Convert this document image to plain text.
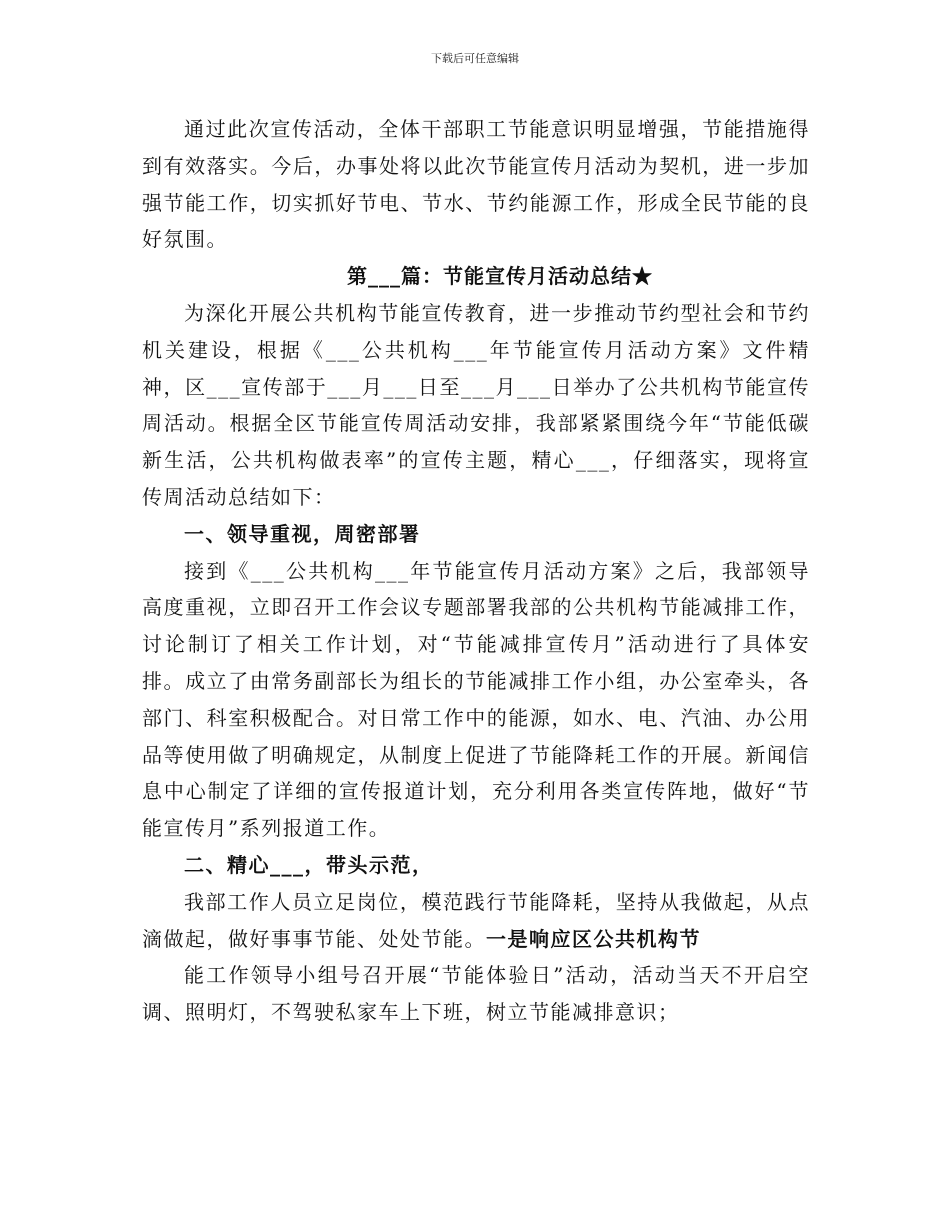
下载后可任意编辑

通过此次宣传活动，全体干部职工节能意识明显增强，节能措施得到有效落实。今后，办事处将以此次节能宣传月活动为契机，进一步加强节能工作，切实抓好节电、节水、节约能源工作，形成全民节能的良好氛围。

第___篇：节能宣传月活动总结★

为深化开展公共机构节能宣传教育，进一步推动节约型社会和节约机关建设，根据《___公共机构___年节能宣传月活动方案》文件精神，区___宣传部于___月___日至___月___日举办了公共机构节能宣传周活动。根据全区节能宣传周活动安排，我部紧紧围绕今年“节能低碳新生活，公共机构做表率”的宣传主题，精心___，仔细落实，现将宣传周活动总结如下：

一、领导重视，周密部署

接到《___公共机构___年节能宣传月活动方案》之后，我部领导高度重视，立即召开工作会议专题部署我部的公共机构节能减排工作，讨论制订了相关工作计划，对“节能减排宣传月”活动进行了具体安排。成立了由常务副部长为组长的节能减排工作小组，办公室牵头，各部门、科室积极配合。对日常工作中的能源，如水、电、汽油、办公用品等使用做了明确规定，从制度上促进了节能降耗工作的开展。新闻信息中心制定了详细的宣传报道计划，充分利用各类宣传阵地，做好“节能宣传月”系列报道工作。

二、精心___，带头示范，

我部工作人员立足岗位，模范践行节能降耗，坚持从我做起，从点滴做起，做好事事节能、处处节能。一是响应区公共机构节

能工作领导小组号召开展“节能体验日”活动，活动当天不开启空调、照明灯，不驾驶私家车上下班，树立节能减排意识；
